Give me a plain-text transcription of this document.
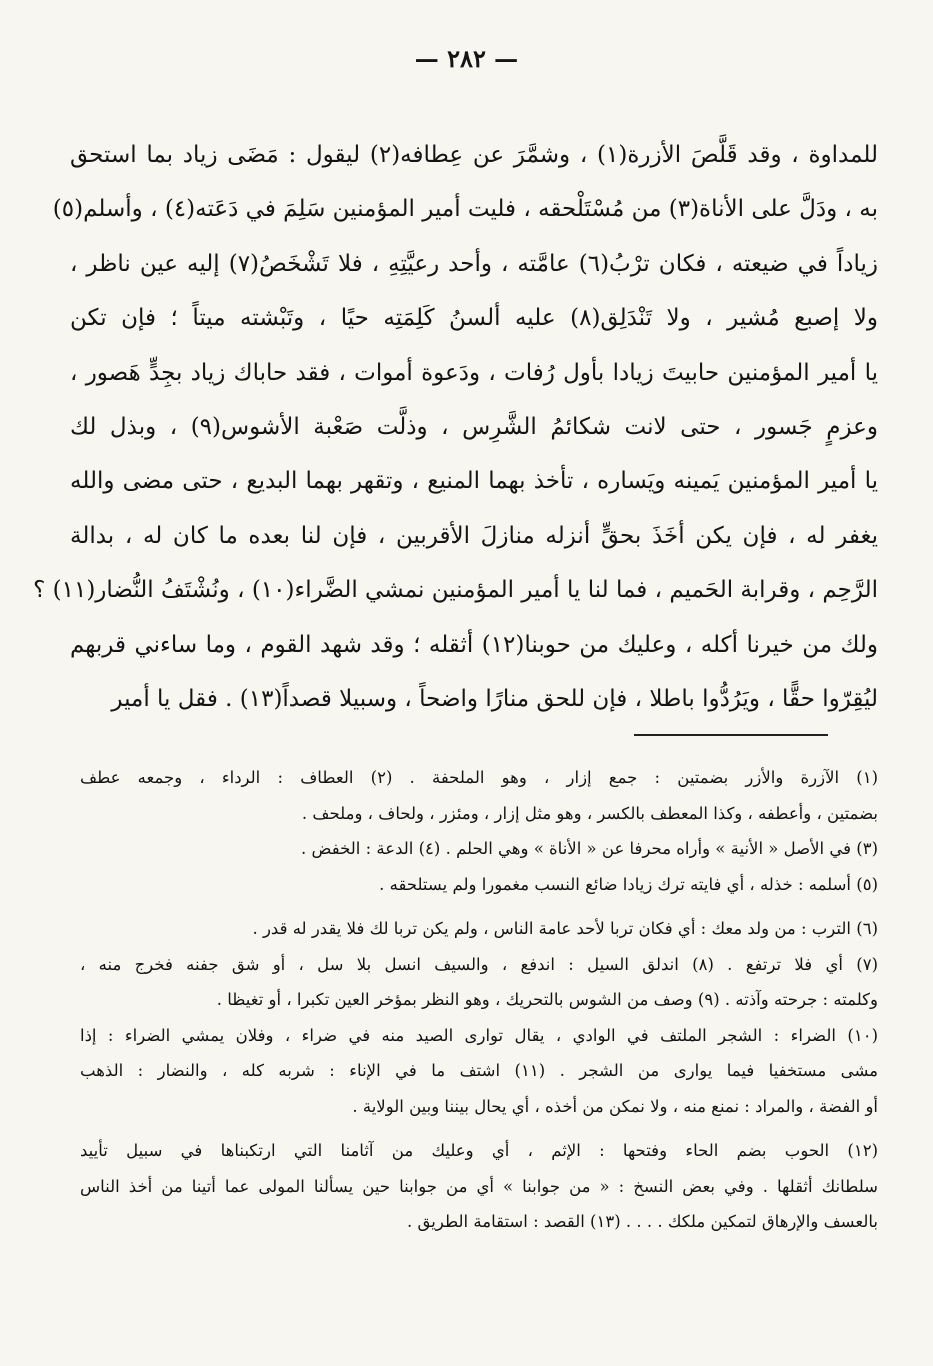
— ٢٨٢ —
للمداوة ، وقد قَلَّصَ الأزرة(١) ، وشمَّرَ عن عِطافه(٢) ليقول : مَضَى زياد بما استحق
به ، ودَلَّ على الأناة(٣) من مُسْتَلْحقه ، فليت أمير المؤمنين سَلِمَ في دَعَته(٤) ، وأسلم(٥)
زياداً في ضيعته ، فكان ترْبُ(٦) عامَّته ، وأحد رعيَّتِهِ ، فلا تَشْخَصُ(٧) إليه عين ناظر ،
ولا إصبع مُشير ، ولا تَنْدَلِق(٨) عليه ألسنُ كَلِمَتِه حيًا ، وتَبْشته ميتاً ؛ فإن تكن
يا أمير المؤمنين حابيتَ زيادا بأول رُفات ، ودَعوة أموات ، فقد حاباك زياد بجِدٍّ هَصور ،
وعزمٍ جَسور ، حتى لانت شكائمُ الشَّرِس ، وذلَّت صَعْبة الأشوس(٩) ، وبذل لك
يا أمير المؤمنين يَمينه ويَساره ، تأخذ بهما المنيع ، وتقهر بهما البديع ، حتى مضى والله
يغفر له ، فإن يكن أخَذَ بحقٍّ أنزله منازلَ الأقربين ، فإن لنا بعده ما كان له ، بدالة
الرَّحِم ، وقرابة الحَميم ، فما لنا يا أمير المؤمنين نمشي الضَّراء(١٠) ، ونُشْتَفُ النُّضار(١١) ؟
ولك من خيرنا أكله ، وعليك من حوبنا(١٢) أثقله ؛ وقد شهد القوم ، وما ساءني قربهم
ليُقِرّوا حقًّا ، ويَرُدُّوا باطلا ، فإن للحق منارًا واضحاً ، وسبيلا قصداً(١٣) . فقل يا أمير
(١) الآزرة والأزر بضمتين : جمع إزار ، وهو الملحفة . (٢) العطاف : الرداء ، وجمعه عطف
بضمتين ، وأعطفه ، وكذا المعطف بالكسر ، وهو مثل إزار ، ومئزر ، ولحاف ، وملحف .
(٣) في الأصل « الأنية » وأراه محرفا عن « الأناة » وهي الحلم . (٤) الدعة : الخفض .
(٥) أسلمه : خذله ، أي فايته ترك زيادا ضائع النسب مغمورا ولم يستلحقه .
(٦) الترب : من ولد معك : أي فكان تربا لأحد عامة الناس ، ولم يكن تربا لك فلا يقدر له قدر .
(٧) أي فلا ترتفع . (٨) اندلق السيل : اندفع ، والسيف انسل بلا سل ، أو شق جفنه فخرج منه ،
وكلمته : جرحته وآذته . (٩) وصف من الشوس بالتحريك ، وهو النظر بمؤخر العين تكبرا ، أو تغيظا .
(١٠) الضراء : الشجر الملتف في الوادي ، يقال توارى الصيد منه في ضراء ، وفلان يمشي الضراء : إذا
مشى مستخفيا فيما يوارى من الشجر . (١١) اشتف ما في الإناء : شربه كله ، والنضار : الذهب
أو الفضة ، والمراد : نمنع منه ، ولا نمكن من أخذه ، أي يحال بيننا وبين الولاية .
(١٢) الحوب بضم الحاء وفتحها : الإثم ، أي وعليك من آثامنا التي ارتكبناها في سبيل تأييد
سلطانك أثقلها . وفي بعض النسخ : « من جوابنا » أي من جوابنا حين يسألنا المولى عما أتينا من أخذ الناس
بالعسف والإرهاق لتمكين ملكك . . . . (١٣) القصد : استقامة الطريق .
